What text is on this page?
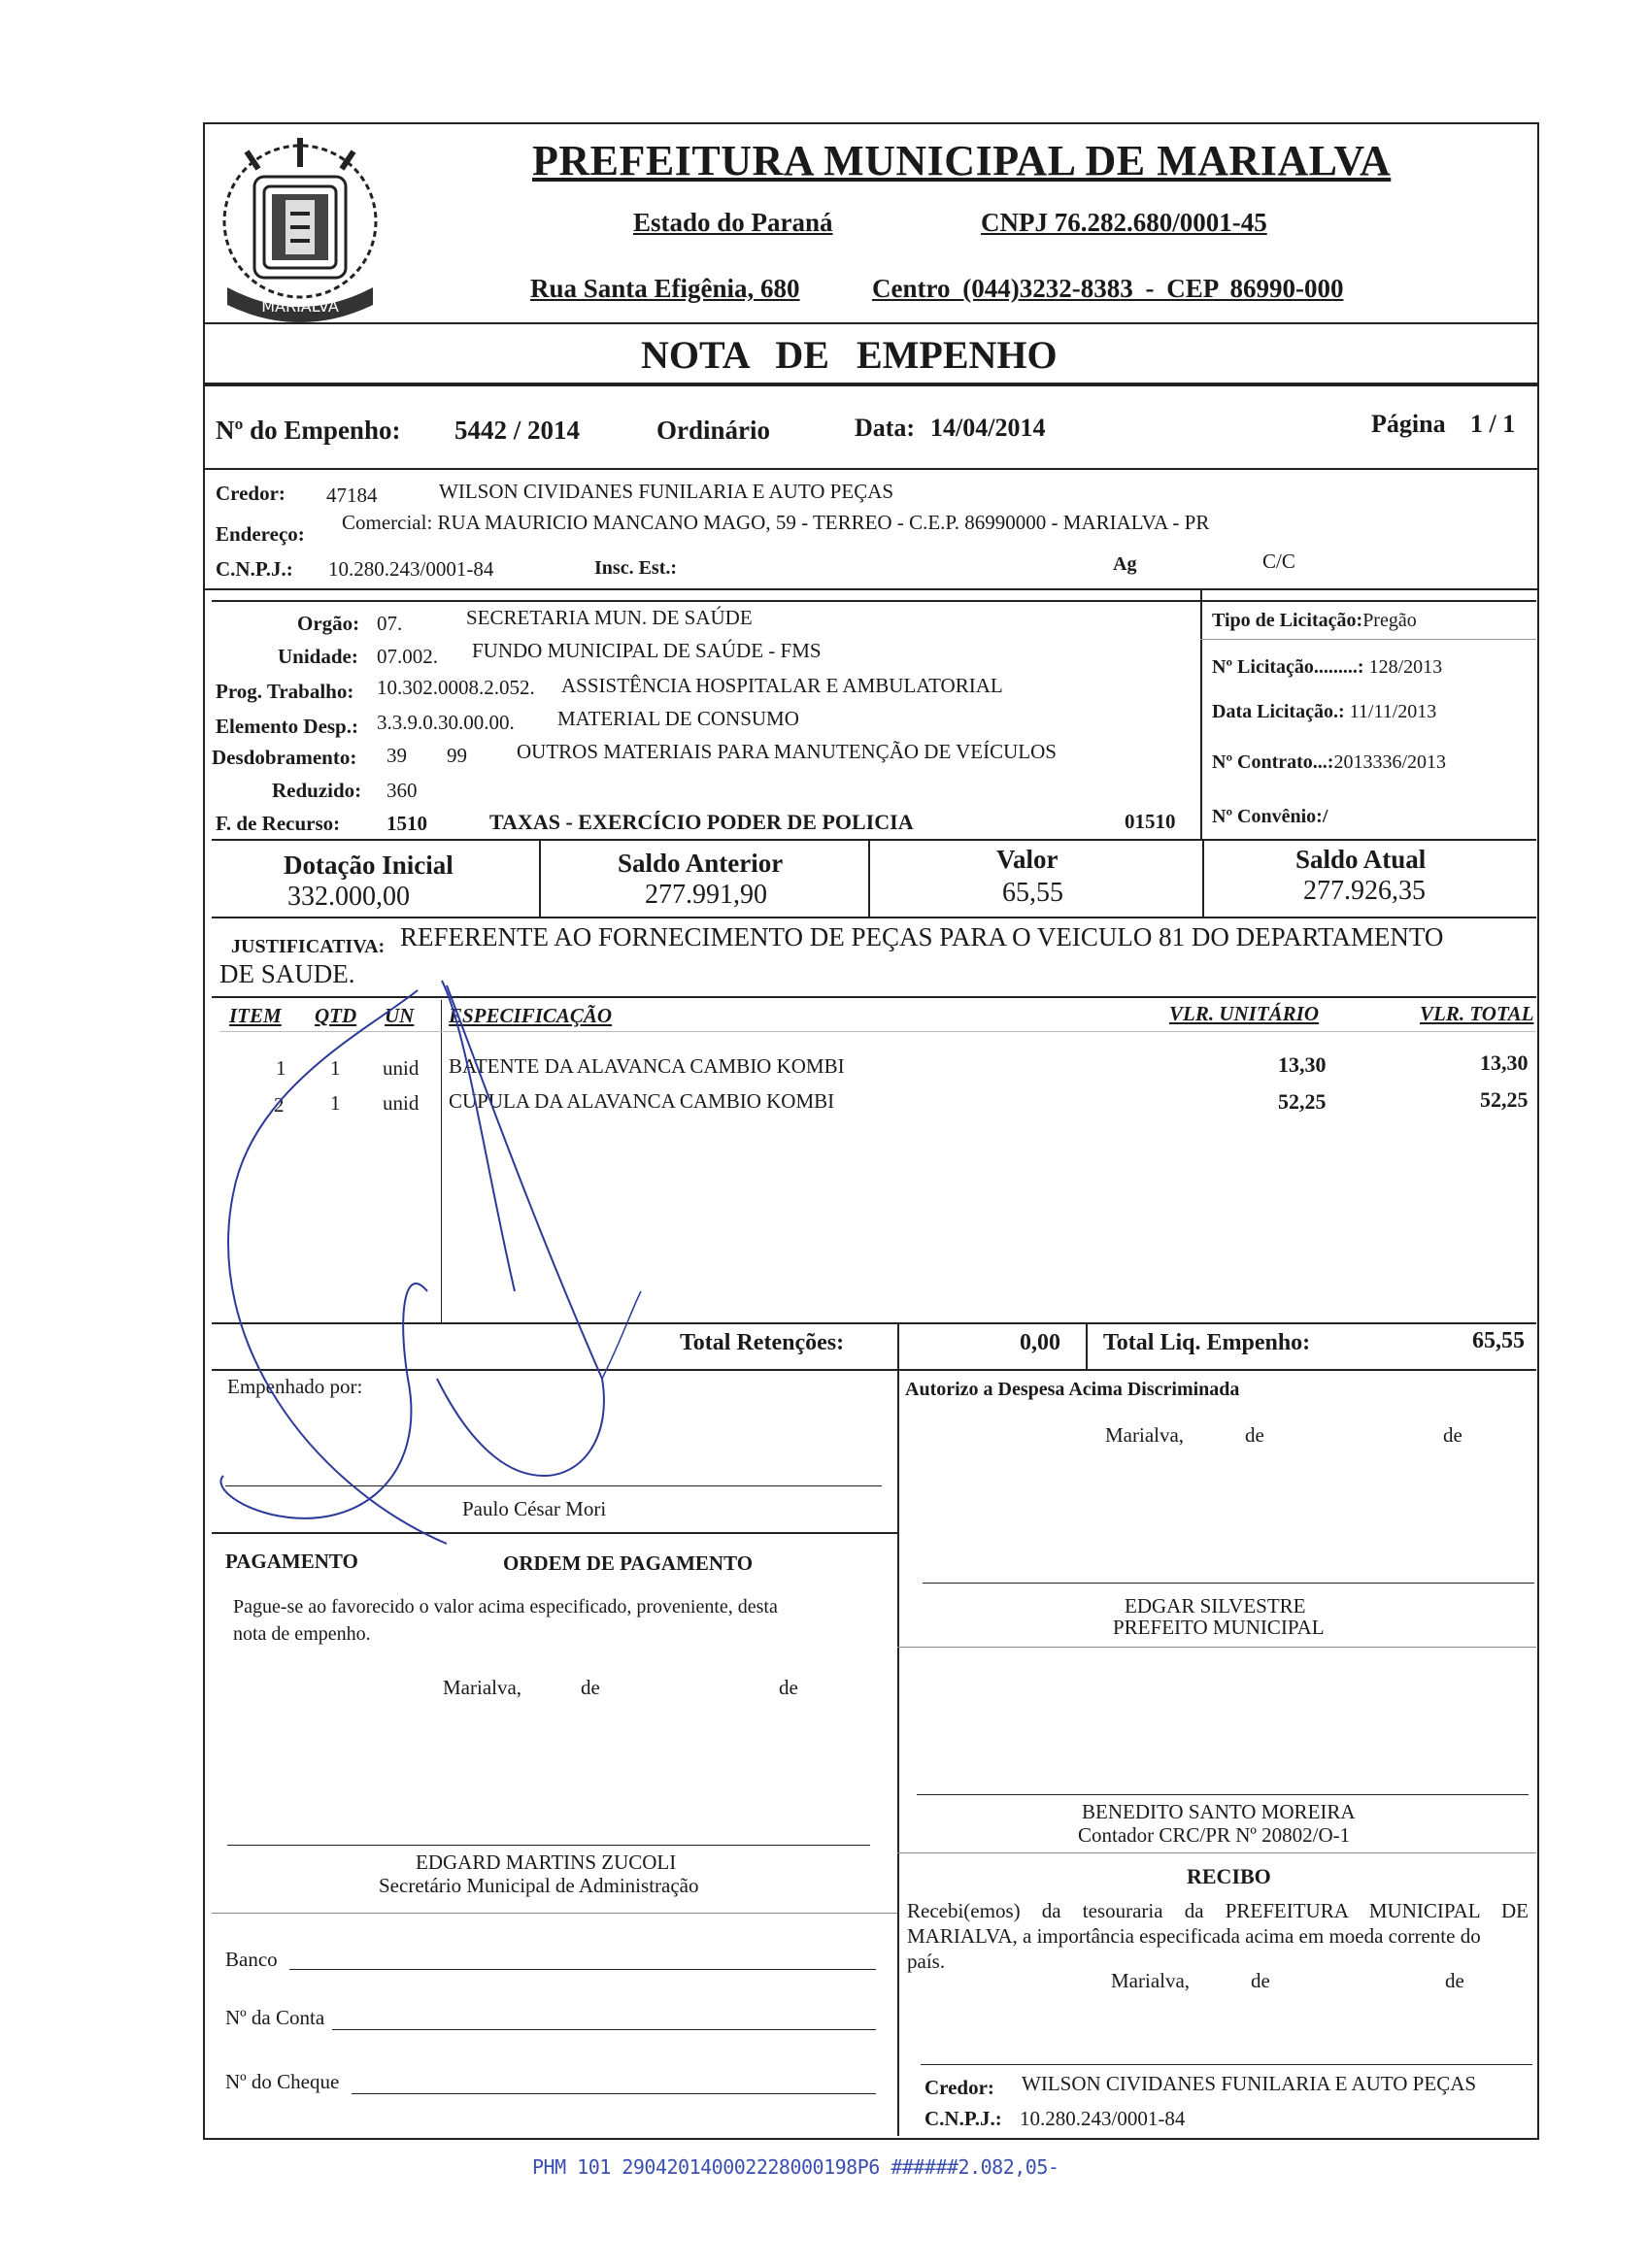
MARIALVA
PREFEITURA MUNICIPAL DE MARIALVA
Estado do Paraná	CNPJ 76.282.680/0001-45
Rua Santa Efigênia, 680	Centro (044)3232-8383 - CEP 86990-000
NOTA DE EMPENHO
Nº do Empenho: 5442 / 2014	Ordinário	Data: 14/04/2014	Página 1 / 1
Credor: 47184	WILSON CIVIDANES FUNILARIA E AUTO PEÇAS
Endereço: Comercial: RUA MAURICIO MANCANO MAGO, 59 - TERREO - C.E.P. 86990000 - MARIALVA - PR
C.N.P.J.: 10.280.243/0001-84	Insc. Est.:	Ag	C/C
Orgão: 07.	SECRETARIA MUN. DE SAÚDE
Unidade: 07.002. FUNDO MUNICIPAL DE SAÚDE - FMS
Prog. Trabalho: 10.302.0008.2.052. ASSISTÊNCIA HOSPITALAR E AMBULATORIAL
Elemento Desp.: 3.3.9.0.30.00.00. MATERIAL DE CONSUMO
Desdobramento: 39 99 OUTROS MATERIAIS PARA MANUTENÇÃO DE VEÍCULOS
Reduzido: 360
F. de Recurso: 1510	TAXAS - EXERCÍCIO PODER DE POLICIA	01510
Tipo de Licitação:Pregão
Nº Licitação.........: 128/2013
Data Licitação.: 11/11/2013
Nº Contrato...:2013336/2013
Nº Convênio:/
Dotação Inicial
332.000,00
Saldo Anterior
277.991,90
Valor
65,55
Saldo Atual
277.926,35
JUSTIFICATIVA: REFERENTE AO FORNECIMENTO DE PEÇAS PARA O VEICULO 81 DO DEPARTAMENTO
DE SAUDE.
ITEM QTD UN ESPECIFICAÇÃO	VLR. UNITÁRIO	VLR. TOTAL
1 1 unid BATENTE DA ALAVANCA CAMBIO KOMBI	13,30	13,30
2 1 unid CUPULA DA ALAVANCA CAMBIO KOMBI	52,25	52,25
Total Retenções:	0,00 Total Liq. Empenho:	65,55
Empenhado por:
Paulo César Mori
Autorizo a Despesa Acima Discriminada
Marialva,	de	de
PAGAMENTO	ORDEM DE PAGAMENTO
Pague-se ao favorecido o valor acima especificado, proveniente, desta
nota de empenho.
Marialva,	de	de
EDGAR SILVESTRE
PREFEITO MUNICIPAL
BENEDITO SANTO MOREIRA
Contador CRC/PR Nº 20802/O-1
EDGARD MARTINS ZUCOLI
Secretário Municipal de Administração
Banco
Nº da Conta
Nº do Cheque
RECIBO
Recebi(emos) da tesouraria da PREFEITURA MUNICIPAL DE
MARIALVA, a importância especificada acima em moeda corrente do
país.
Marialva,	de	de
Credor: WILSON CIVIDANES FUNILARIA E AUTO PEÇAS
C.N.P.J.: 10.280.243/0001-84
PHM 101 290420140002228000198P6 ######2.082,05-
